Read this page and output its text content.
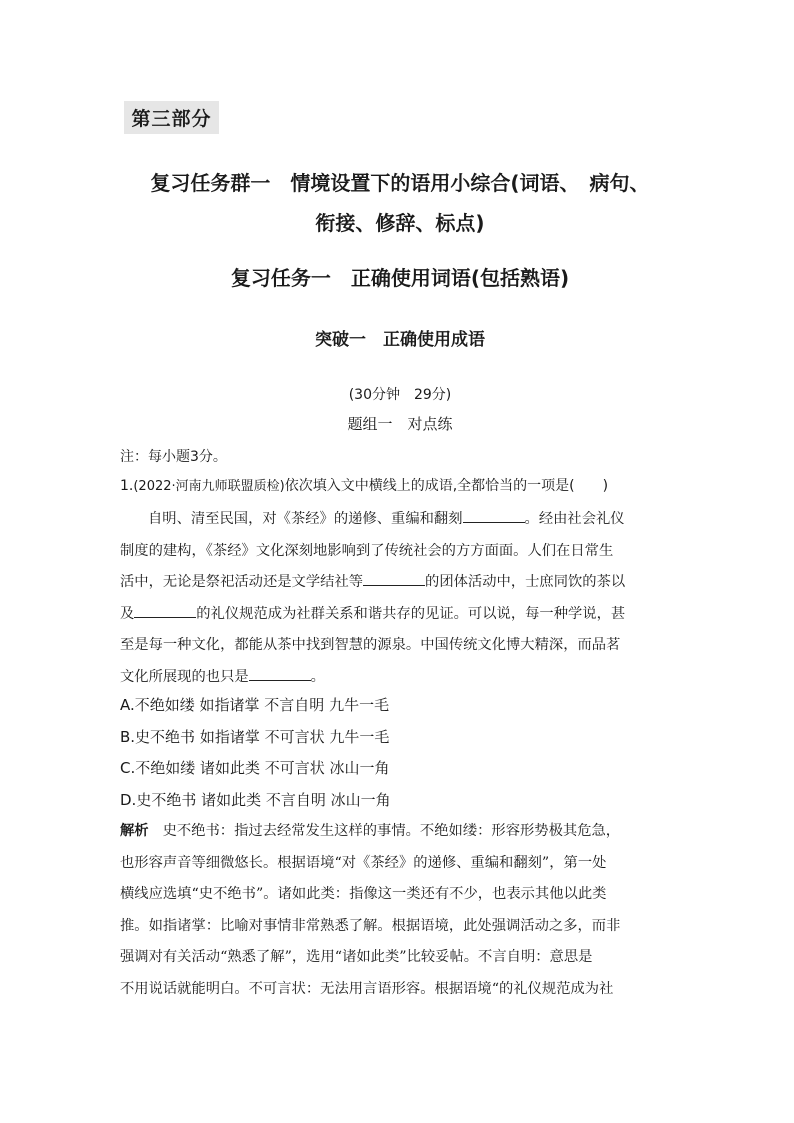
第三部分
复习任务群一　情境设置下的语用小综合(词语、　病句、
衔接、修辞、标点)
复习任务一　正确使用词语(包括熟语)
突破一　正确使用成语
(30分钟　29分)
题组一　对点练
注：每小题3分。
1.(2022·河南九师联盟质检)依次填入文中横线上的成语,全都恰当的一项是(　　)
自明、清至民国，对《茶经》的递修、重编和翻刻	。经由社会礼仪
制度的建构，《茶经》文化深刻地影响到了传统社会的方方面面。人们在日常生
活中，无论是祭祀活动还是文学结社等	的团体活动中，士庶同饮的茶以
及	的礼仪规范成为社群关系和谐共存的见证。可以说，每一种学说，甚
至是每一种文化，都能从茶中找到智慧的源泉。中国传统文化博大精深，而品茗
文化所展现的也只是	。
A.不绝如缕 如指诸掌 不言自明 九牛一毛
B.史不绝书 如指诸掌 不可言状 九牛一毛
C.不绝如缕 诸如此类 不可言状 冰山一角
D.史不绝书 诸如此类 不言自明 冰山一角
解析 史不绝书：指过去经常发生这样的事情。不绝如缕：形容形势极其危急，
也形容声音等细微悠长。根据语境“对《茶经》的递修、重编和翻刻”，第一处
横线应选填“史不绝书”。诸如此类：指像这一类还有不少，也表示其他以此类
推。如指诸掌：比喻对事情非常熟悉了解。根据语境，此处强调活动之多，而非
强调对有关活动“熟悉了解”，选用“诸如此类”比较妥帖。不言自明：意思是
不用说话就能明白。不可言状：无法用言语形容。根据语境“的礼仪规范成为社
